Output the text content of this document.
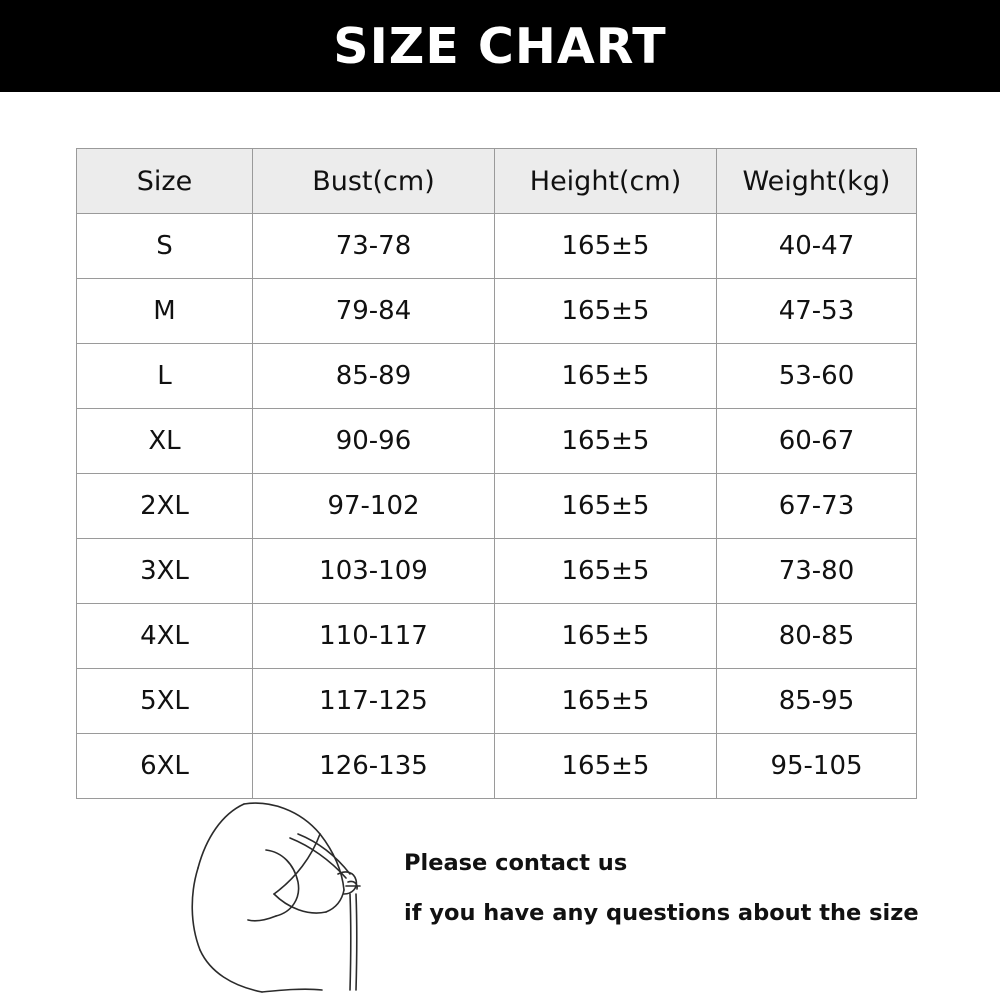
SIZE CHART
Size	Bust(cm)	Height(cm)	Weight(kg)
S	73-78	165±5	40-47
M	79-84	165±5	47-53
L	85-89	165±5	53-60
XL	90-96	165±5	60-67
2XL	97-102	165±5	67-73
3XL	103-109	165±5	73-80
4XL	110-117	165±5	80-85
5XL	117-125	165±5	85-95
6XL	126-135	165±5	95-105
Please contact us
if you have any questions about the size
